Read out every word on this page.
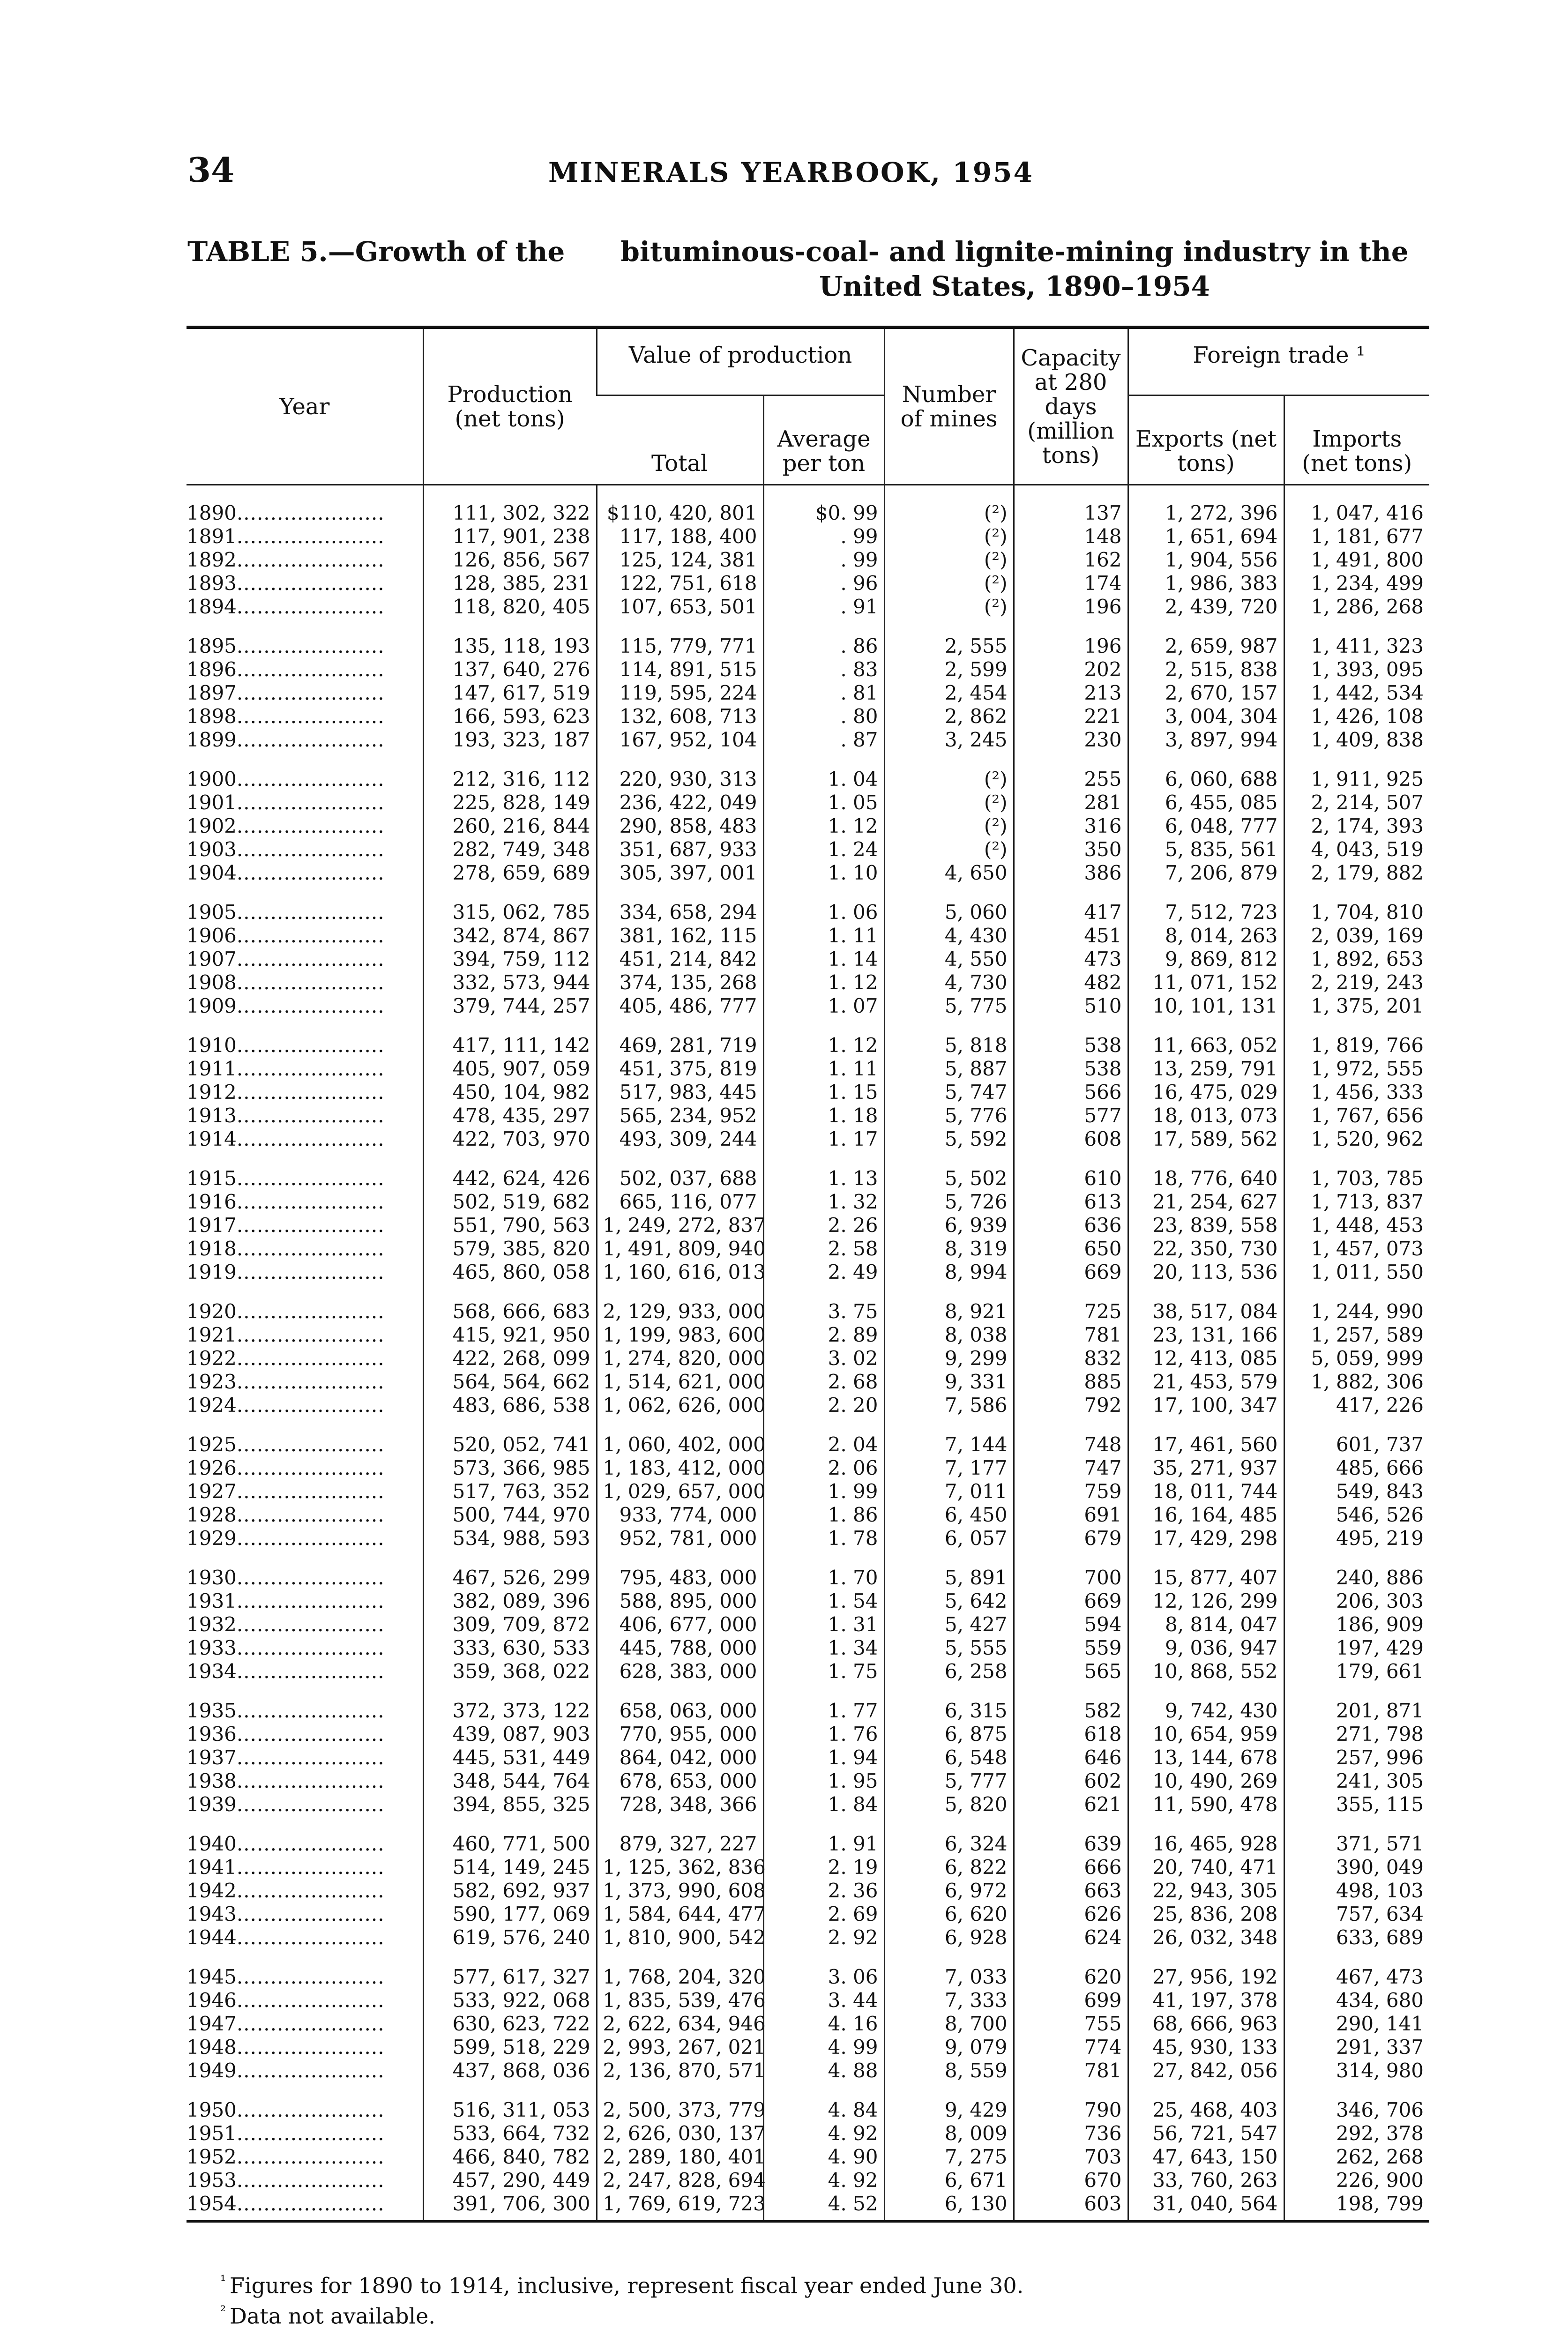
34	MINERALS YEARBOOK, 1954
TABLE 5.—Growth of the	bituminous-coal- and lignite-mining industry in the United States, 1890–1954
Year	Production (net tons)	Value of production		Number of mines	Capacity at 280 days (million tons)	Foreign trade ¹	
		Total	Average per ton			Exports (net tons)	Imports (net tons)
1890......................	111, 302, 322	$110, 420, 801	$0. 99	(²)	137	1, 272, 396	1, 047, 416
1891......................	117, 901, 238	117, 188, 400	. 99	(²)	148	1, 651, 694	1, 181, 677
1892......................	126, 856, 567	125, 124, 381	. 99	(²)	162	1, 904, 556	1, 491, 800
1893......................	128, 385, 231	122, 751, 618	. 96	(²)	174	1, 986, 383	1, 234, 499
1894......................	118, 820, 405	107, 653, 501	. 91	(²)	196	2, 439, 720	1, 286, 268

1895......................	135, 118, 193	115, 779, 771	. 86	2, 555	196	2, 659, 987	1, 411, 323
1896......................	137, 640, 276	114, 891, 515	. 83	2, 599	202	2, 515, 838	1, 393, 095
1897......................	147, 617, 519	119, 595, 224	. 81	2, 454	213	2, 670, 157	1, 442, 534
1898......................	166, 593, 623	132, 608, 713	. 80	2, 862	221	3, 004, 304	1, 426, 108
1899......................	193, 323, 187	167, 952, 104	. 87	3, 245	230	3, 897, 994	1, 409, 838

1900......................	212, 316, 112	220, 930, 313	1. 04	(²)	255	6, 060, 688	1, 911, 925
1901......................	225, 828, 149	236, 422, 049	1. 05	(²)	281	6, 455, 085	2, 214, 507
1902......................	260, 216, 844	290, 858, 483	1. 12	(²)	316	6, 048, 777	2, 174, 393
1903......................	282, 749, 348	351, 687, 933	1. 24	(²)	350	5, 835, 561	4, 043, 519
1904......................	278, 659, 689	305, 397, 001	1. 10	4, 650	386	7, 206, 879	2, 179, 882

1905......................	315, 062, 785	334, 658, 294	1. 06	5, 060	417	7, 512, 723	1, 704, 810
1906......................	342, 874, 867	381, 162, 115	1. 11	4, 430	451	8, 014, 263	2, 039, 169
1907......................	394, 759, 112	451, 214, 842	1. 14	4, 550	473	9, 869, 812	1, 892, 653
1908......................	332, 573, 944	374, 135, 268	1. 12	4, 730	482	11, 071, 152	2, 219, 243
1909......................	379, 744, 257	405, 486, 777	1. 07	5, 775	510	10, 101, 131	1, 375, 201

1910......................	417, 111, 142	469, 281, 719	1. 12	5, 818	538	11, 663, 052	1, 819, 766
1911......................	405, 907, 059	451, 375, 819	1. 11	5, 887	538	13, 259, 791	1, 972, 555
1912......................	450, 104, 982	517, 983, 445	1. 15	5, 747	566	16, 475, 029	1, 456, 333
1913......................	478, 435, 297	565, 234, 952	1. 18	5, 776	577	18, 013, 073	1, 767, 656
1914......................	422, 703, 970	493, 309, 244	1. 17	5, 592	608	17, 589, 562	1, 520, 962

1915......................	442, 624, 426	502, 037, 688	1. 13	5, 502	610	18, 776, 640	1, 703, 785
1916......................	502, 519, 682	665, 116, 077	1. 32	5, 726	613	21, 254, 627	1, 713, 837
1917......................	551, 790, 563	1, 249, 272, 837	2. 26	6, 939	636	23, 839, 558	1, 448, 453
1918......................	579, 385, 820	1, 491, 809, 940	2. 58	8, 319	650	22, 350, 730	1, 457, 073
1919......................	465, 860, 058	1, 160, 616, 013	2. 49	8, 994	669	20, 113, 536	1, 011, 550

1920......................	568, 666, 683	2, 129, 933, 000	3. 75	8, 921	725	38, 517, 084	1, 244, 990
1921......................	415, 921, 950	1, 199, 983, 600	2. 89	8, 038	781	23, 131, 166	1, 257, 589
1922......................	422, 268, 099	1, 274, 820, 000	3. 02	9, 299	832	12, 413, 085	5, 059, 999
1923......................	564, 564, 662	1, 514, 621, 000	2. 68	9, 331	885	21, 453, 579	1, 882, 306
1924......................	483, 686, 538	1, 062, 626, 000	2. 20	7, 586	792	17, 100, 347	417, 226

1925......................	520, 052, 741	1, 060, 402, 000	2. 04	7, 144	748	17, 461, 560	601, 737
1926......................	573, 366, 985	1, 183, 412, 000	2. 06	7, 177	747	35, 271, 937	485, 666
1927......................	517, 763, 352	1, 029, 657, 000	1. 99	7, 011	759	18, 011, 744	549, 843
1928......................	500, 744, 970	933, 774, 000	1. 86	6, 450	691	16, 164, 485	546, 526
1929......................	534, 988, 593	952, 781, 000	1. 78	6, 057	679	17, 429, 298	495, 219

1930......................	467, 526, 299	795, 483, 000	1. 70	5, 891	700	15, 877, 407	240, 886
1931......................	382, 089, 396	588, 895, 000	1. 54	5, 642	669	12, 126, 299	206, 303
1932......................	309, 709, 872	406, 677, 000	1. 31	5, 427	594	8, 814, 047	186, 909
1933......................	333, 630, 533	445, 788, 000	1. 34	5, 555	559	9, 036, 947	197, 429
1934......................	359, 368, 022	628, 383, 000	1. 75	6, 258	565	10, 868, 552	179, 661

1935......................	372, 373, 122	658, 063, 000	1. 77	6, 315	582	9, 742, 430	201, 871
1936......................	439, 087, 903	770, 955, 000	1. 76	6, 875	618	10, 654, 959	271, 798
1937......................	445, 531, 449	864, 042, 000	1. 94	6, 548	646	13, 144, 678	257, 996
1938......................	348, 544, 764	678, 653, 000	1. 95	5, 777	602	10, 490, 269	241, 305
1939......................	394, 855, 325	728, 348, 366	1. 84	5, 820	621	11, 590, 478	355, 115

1940......................	460, 771, 500	879, 327, 227	1. 91	6, 324	639	16, 465, 928	371, 571
1941......................	514, 149, 245	1, 125, 362, 836	2. 19	6, 822	666	20, 740, 471	390, 049
1942......................	582, 692, 937	1, 373, 990, 608	2. 36	6, 972	663	22, 943, 305	498, 103
1943......................	590, 177, 069	1, 584, 644, 477	2. 69	6, 620	626	25, 836, 208	757, 634
1944......................	619, 576, 240	1, 810, 900, 542	2. 92	6, 928	624	26, 032, 348	633, 689

1945......................	577, 617, 327	1, 768, 204, 320	3. 06	7, 033	620	27, 956, 192	467, 473
1946......................	533, 922, 068	1, 835, 539, 476	3. 44	7, 333	699	41, 197, 378	434, 680
1947......................	630, 623, 722	2, 622, 634, 946	4. 16	8, 700	755	68, 666, 963	290, 141
1948......................	599, 518, 229	2, 993, 267, 021	4. 99	9, 079	774	45, 930, 133	291, 337
1949......................	437, 868, 036	2, 136, 870, 571	4. 88	8, 559	781	27, 842, 056	314, 980

1950......................	516, 311, 053	2, 500, 373, 779	4. 84	9, 429	790	25, 468, 403	346, 706
1951......................	533, 664, 732	2, 626, 030, 137	4. 92	8, 009	736	56, 721, 547	292, 378
1952......................	466, 840, 782	2, 289, 180, 401	4. 90	7, 275	703	47, 643, 150	262, 268
1953......................	457, 290, 449	2, 247, 828, 694	4. 92	6, 671	670	33, 760, 263	226, 900
1954......................	391, 706, 300	1, 769, 619, 723	4. 52	6, 130	603	31, 040, 564	198, 799

$^{^1}$ Figures for 1890 to 1914, inclusive, represent fiscal year ended June 30.
$^{^2}$ Data not available.
